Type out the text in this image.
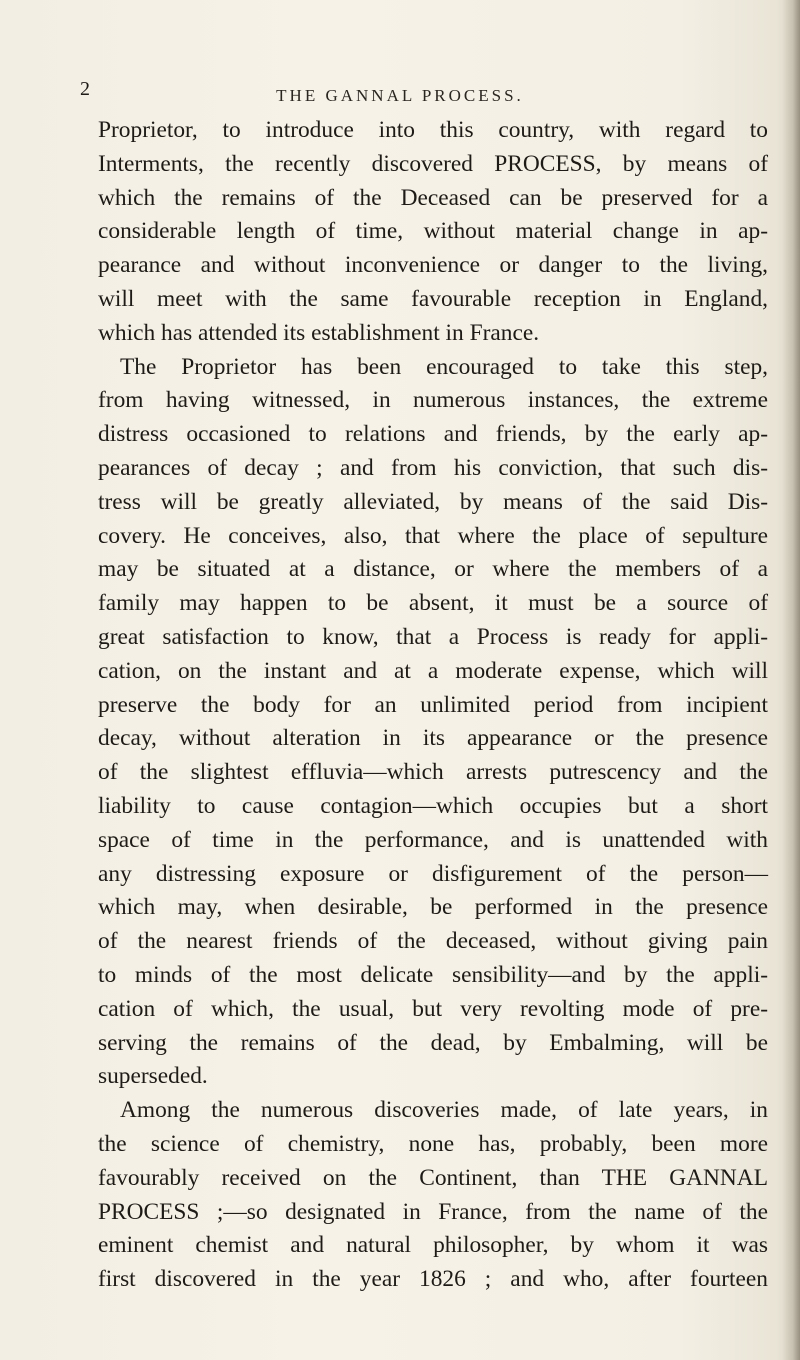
2	THE GANNAL PROCESS.
Proprietor, to introduce into this country, with regard to
Interments, the recently discovered PROCESS, by means of
which the remains of the Deceased can be preserved for a
considerable length of time, without material change in ap-
pearance and without inconvenience or danger to the living,
will meet with the same favourable reception in England,
which has attended its establishment in France.
The Proprietor has been encouraged to take this step,
from having witnessed, in numerous instances, the extreme
distress occasioned to relations and friends, by the early ap-
pearances of decay ; and from his conviction, that such dis-
tress will be greatly alleviated, by means of the said Dis-
covery. He conceives, also, that where the place of sepulture
may be situated at a distance, or where the members of a
family may happen to be absent, it must be a source of
great satisfaction to know, that a Process is ready for appli-
cation, on the instant and at a moderate expense, which will
preserve the body for an unlimited period from incipient
decay, without alteration in its appearance or the presence
of the slightest effluvia—which arrests putrescency and the
liability to cause contagion—which occupies but a short
space of time in the performance, and is unattended with
any distressing exposure or disfigurement of the person—
which may, when desirable, be performed in the presence
of the nearest friends of the deceased, without giving pain
to minds of the most delicate sensibility—and by the appli-
cation of which, the usual, but very revolting mode of pre-
serving the remains of the dead, by Embalming, will be
superseded.
Among the numerous discoveries made, of late years, in
the science of chemistry, none has, probably, been more
favourably received on the Continent, than THE GANNAL
PROCESS ;—so designated in France, from the name of the
eminent chemist and natural philosopher, by whom it was
first discovered in the year 1826 ; and who, after fourteen
